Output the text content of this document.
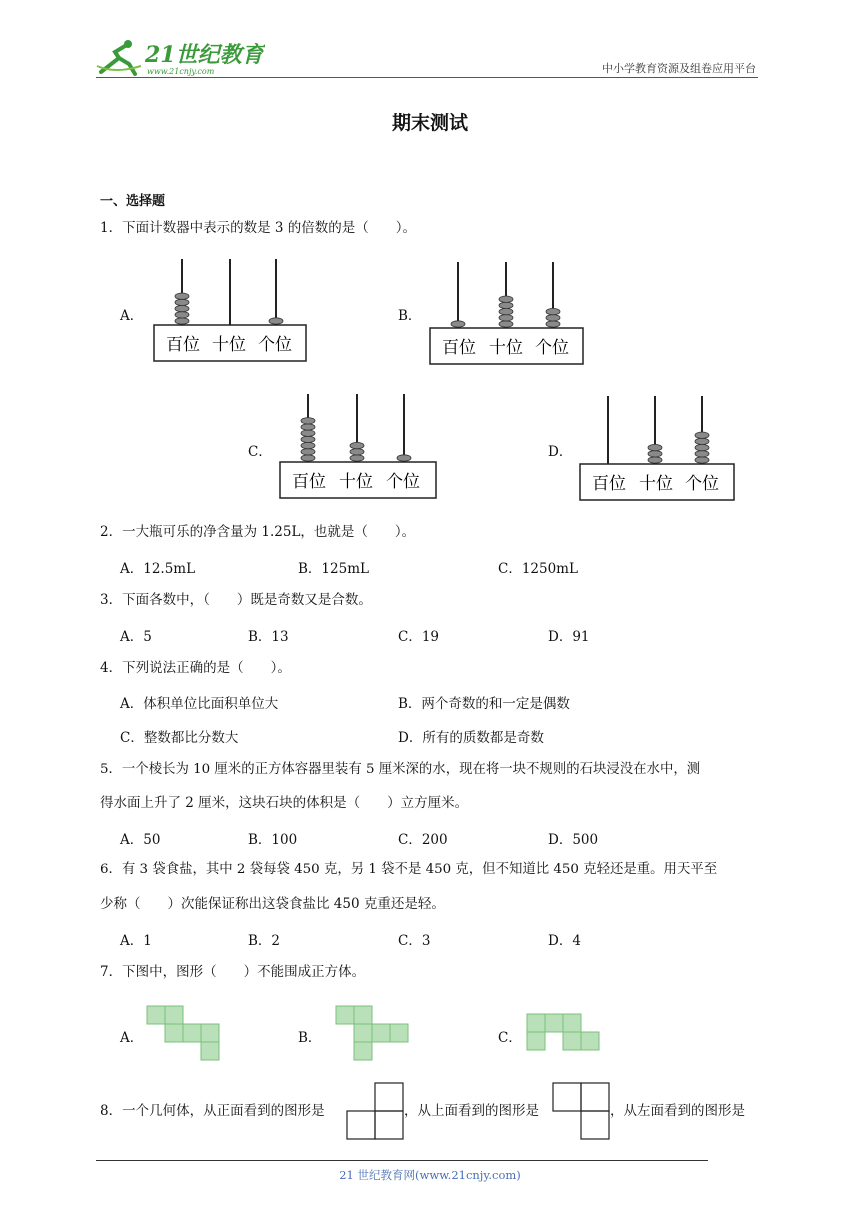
21世纪教育
www.21cnjy.com	中小学教育资源及组卷应用平台
期末测试
一、选择题
1．下面计数器中表示的数是 3 的倍数的是（　　）。
A．
百位 十位 个位
B．
百位 十位 个位
C．
百位 十位 个位
D．
百位 十位 个位
2．一大瓶可乐的净含量为 1.25L，也就是（　　）。
A．12.5mL	B．125mL	C．1250mL
3．下面各数中，（　　）既是奇数又是合数。
A．5	B．13	C．19	D．91
4．下列说法正确的是（　　）。
A．体积单位比面积单位大	B．两个奇数的和一定是偶数
C．整数都比分数大	D．所有的质数都是奇数
5．一个棱长为 10 厘米的正方体容器里装有 5 厘米深的水，现在将一块不规则的石块浸没在水中，测
得水面上升了 2 厘米，这块石块的体积是（　　）立方厘米。
A．50	B．100	C．200	D．500
6．有 3 袋食盐，其中 2 袋每袋 450 克，另 1 袋不是 450 克，但不知道比 450 克轻还是重。用天平至
少称（　　）次能保证称出这袋食盐比 450 克重还是轻。
A．1	B．2	C．3	D．4
7．下图中，图形（　　）不能围成正方体。
A．	B．	C．
8．一个几何体，从正面看到的图形是	，从上面看到的图形是	，从左面看到的图形是
21 世纪教育网(www.21cnjy.com)
